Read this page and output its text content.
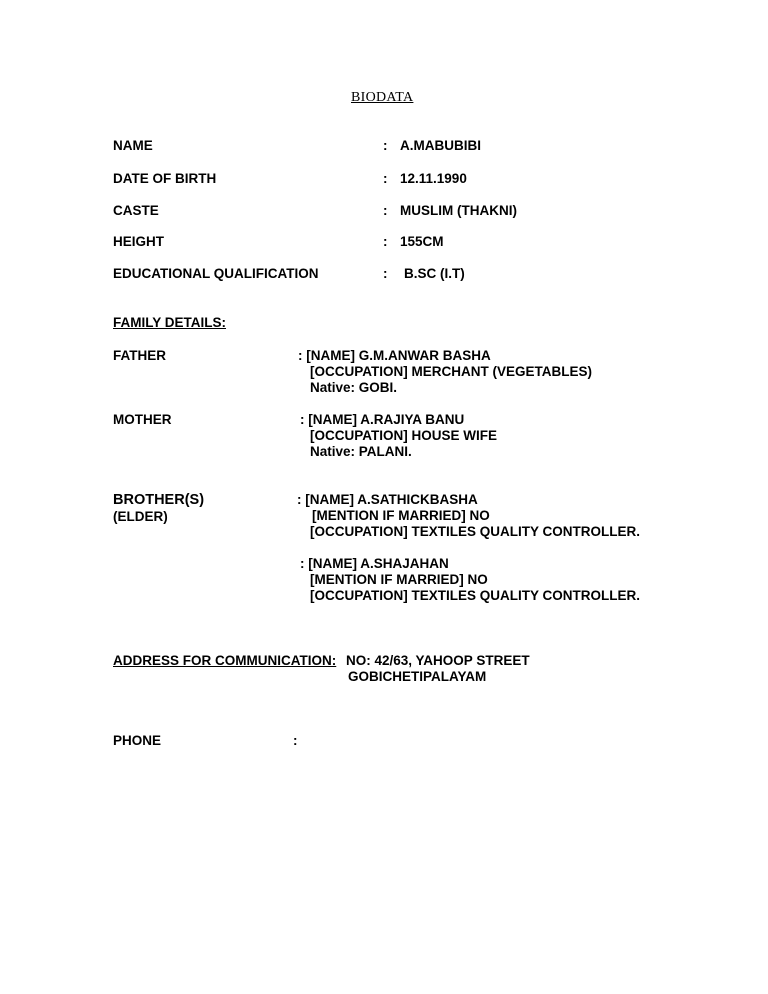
BIODATA
NAME	: A.MABUBIBI
DATE OF BIRTH	: 12.11.1990
CASTE	: MUSLIM (THAKNI)
HEIGHT	: 155CM
EDUCATIONAL QUALIFICATION	: B.SC (I.T)
FAMILY DETAILS:
FATHER	: [NAME] G.M.ANWAR BASHA
[OCCUPATION] MERCHANT (VEGETABLES)
Native: GOBI.
MOTHER	: [NAME] A.RAJIYA BANU
[OCCUPATION] HOUSE WIFE
Native: PALANI.
BROTHER(S)
(ELDER)
: [NAME] A.SATHICKBASHA
[MENTION IF MARRIED] NO
[OCCUPATION] TEXTILES QUALITY CONTROLLER.
: [NAME] A.SHAJAHAN
[MENTION IF MARRIED] NO
[OCCUPATION] TEXTILES QUALITY CONTROLLER.
ADDRESS FOR COMMUNICATION: NO: 42/63, YAHOOP STREET
GOBICHETIPALAYAM
PHONE	:
